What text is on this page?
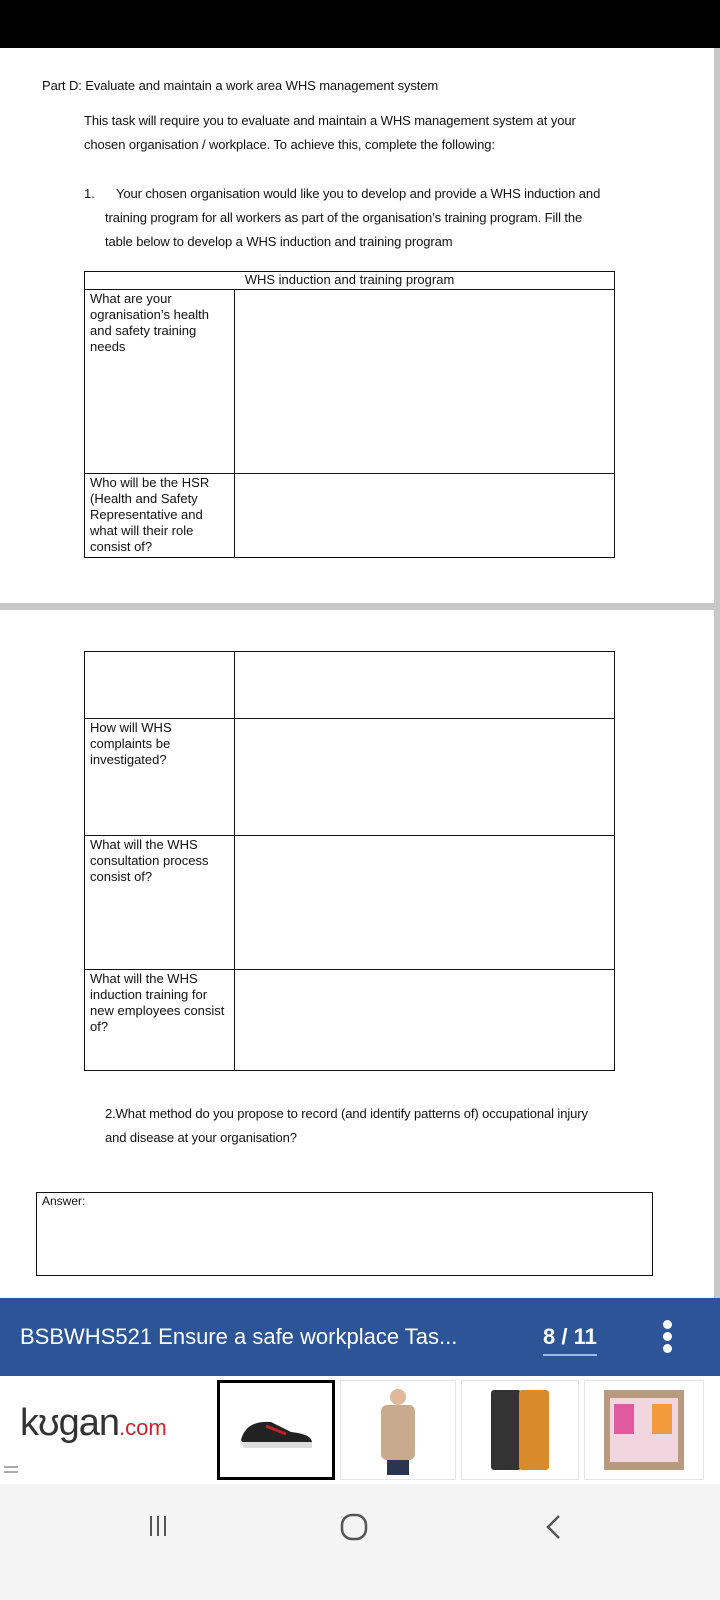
Part D: Evaluate and maintain a work area WHS management system
This task will require you to evaluate and maintain a WHS management system at your
chosen organisation / workplace. To achieve this, complete the following:
1. Your chosen organisation would like you to develop and provide a WHS induction and
training program for all workers as part of the organisation’s training program. Fill the
table below to develop a WHS induction and training program
WHS induction and training program	
What are your ogranisation’s health and safety training needs	
Who will be the HSR (Health and Safety Representative and what will their role consist of?	

How will WHS complaints be investigated?	
What will the WHS consultation process consist of?	
What will the WHS induction training for new employees consist of?	
2.What method do you propose to record (and identify patterns of) occupational injury
and disease at your organisation?
Answer:
BSBWHS521 Ensure a safe workplace Tas...	8 / 11
kʊgan.com
